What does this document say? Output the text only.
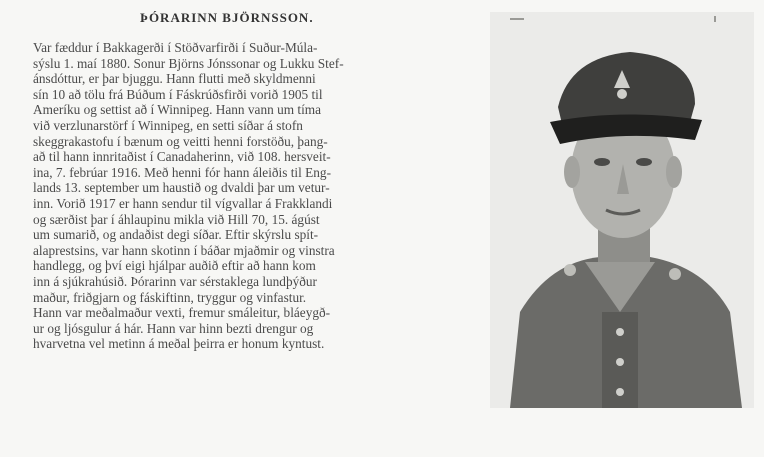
ÞÓRARINN BJÖRNSSON.
Var fæddur í Bakkagerði í Stöðvarfirði í Suður-Múla-
sýslu 1. maí 1880. Sonur Björns Jónssonar og Lukku Stef-
ánsdóttur, er þar bjuggu. Hann flutti með skyldmenni
sín 10 að tölu frá Búðum í Fáskrúðsfirði vorið 1905 til
Ameríku og settist að í Winnipeg. Hann vann um tíma
við verzlunarstörf í Winnipeg, en setti síðar á stofn
skeggrakastofu í bænum og veitti henni forstöðu, þang-
að til hann innritaðist í Canadaherinn, við 108. hersveit-
ina, 7. febrúar 1916. Með henni fór hann áleiðis til Eng-
lands 13. september um haustið og dvaldi þar um vetur-
inn. Vorið 1917 er hann sendur til vígvallar á Frakklandi
og særðist þar í áhlaupinu mikla við Hill 70, 15. ágúst
um sumarið, og andaðist degi síðar. Eftir skýrslu spít-
alaprestsins, var hann skotinn í báðar mjaðmir og vinstra
handlegg, og því eigi hjálpar auðið eftir að hann kom
inn á sjúkrahúsið. Þórarinn var sérstaklega lundþýður
maður, friðgjarn og fáskiftinn, tryggur og vinfastur.
Hann var meðalmaður vexti, fremur smáleitur, bláeygð-
ur og ljósgulur á hár. Hann var hinn bezti drengur og
hvarvetna vel metinn á meðal þeirra er honum kyntust.
